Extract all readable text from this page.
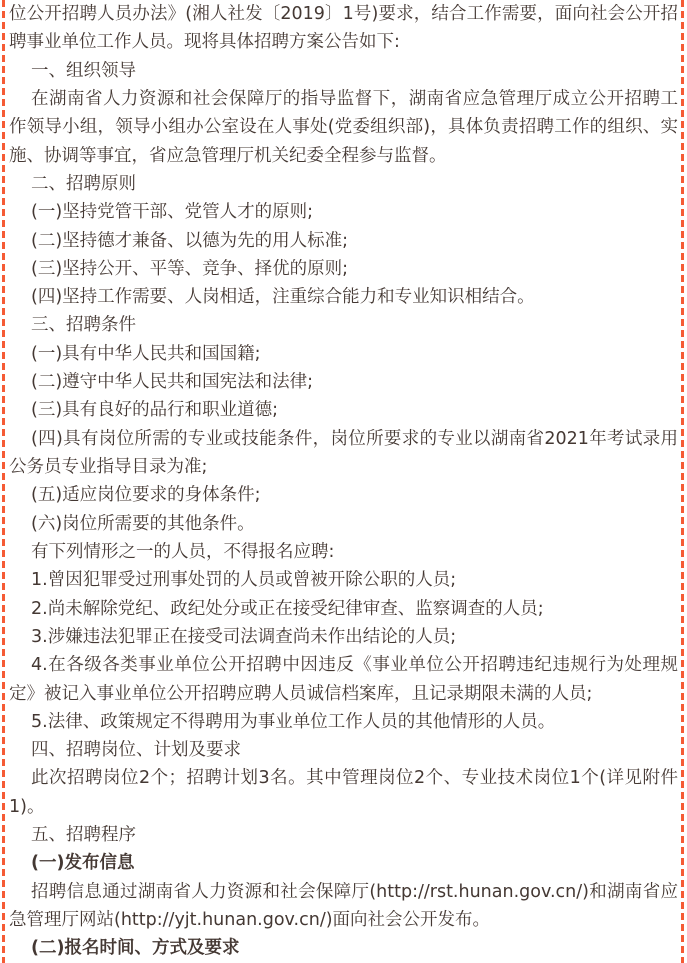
位公开招聘人员办法》(湘人社发〔2019〕1号)要求，结合工作需要，面向社会公开招聘事业单位工作人员。现将具体招聘方案公告如下:

一、组织领导

在湖南省人力资源和社会保障厅的指导监督下，湖南省应急管理厅成立公开招聘工作领导小组，领导小组办公室设在人事处(党委组织部)，具体负责招聘工作的组织、实施、协调等事宜，省应急管理厅机关纪委全程参与监督。

二、招聘原则

(一)坚持党管干部、党管人才的原则;

(二)坚持德才兼备、以德为先的用人标准;

(三)坚持公开、平等、竞争、择优的原则;

(四)坚持工作需要、人岗相适，注重综合能力和专业知识相结合。

三、招聘条件

(一)具有中华人民共和国国籍;

(二)遵守中华人民共和国宪法和法律;

(三)具有良好的品行和职业道德;

(四)具有岗位所需的专业或技能条件，岗位所要求的专业以湖南省2021年考试录用公务员专业指导目录为准;

(五)适应岗位要求的身体条件;

(六)岗位所需要的其他条件。

有下列情形之一的人员，不得报名应聘:

1.曾因犯罪受过刑事处罚的人员或曾被开除公职的人员;

2.尚未解除党纪、政纪处分或正在接受纪律审查、监察调查的人员;

3.涉嫌违法犯罪正在接受司法调查尚未作出结论的人员;

4.在各级各类事业单位公开招聘中因违反《事业单位公开招聘违纪违规行为处理规定》被记入事业单位公开招聘应聘人员诚信档案库，且记录期限未满的人员;

5.法律、政策规定不得聘用为事业单位工作人员的其他情形的人员。

四、招聘岗位、计划及要求

此次招聘岗位2个；招聘计划3名。其中管理岗位2个、专业技术岗位1个(详见附件1)。

五、招聘程序

(一)发布信息

招聘信息通过湖南省人力资源和社会保障厅(http://rst.hunan.gov.cn/)和湖南省应急管理厅网站(http://yjt.hunan.gov.cn/)面向社会公开发布。

(二)报名时间、方式及要求
